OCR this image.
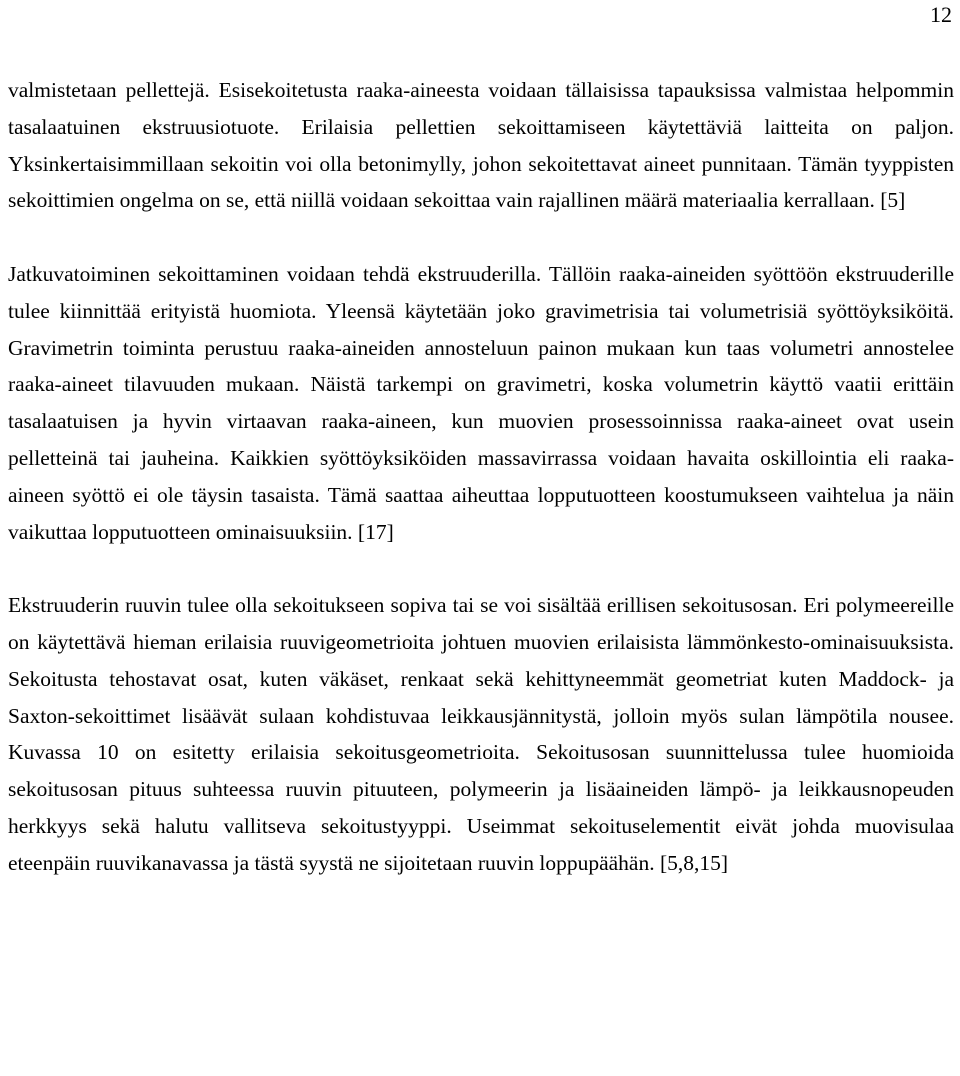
12

valmistetaan pellettejä. Esisekoitetusta raaka-aineesta voidaan tällaisissa tapauksissa valmistaa helpommin tasalaatuinen ekstruusiotuote. Erilaisia pellettien sekoittamiseen käytettäviä laitteita on paljon. Yksinkertaisimmillaan sekoitin voi olla betonimylly, johon sekoitettavat aineet punnitaan. Tämän tyyppisten sekoittimien ongelma on se, että niillä voidaan sekoittaa vain rajallinen määrä materiaalia kerrallaan. [5]

Jatkuvatoiminen sekoittaminen voidaan tehdä ekstruuderilla. Tällöin raaka-aineiden syöttöön ekstruuderille tulee kiinnittää erityistä huomiota. Yleensä käytetään joko gravimetrisia tai volumetrisiä syöttöyksiköitä. Gravimetrin toiminta perustuu raaka-aineiden annosteluun painon mukaan kun taas volumetri annostelee raaka-aineet tilavuuden mukaan. Näistä tarkempi on gravimetri, koska volumetrin käyttö vaatii erittäin tasalaatuisen ja hyvin virtaavan raaka-aineen, kun muovien prosessoinnissa raaka-aineet ovat usein pelletteinä tai jauheina. Kaikkien syöttöyksiköiden massavirrassa voidaan havaita oskillointia eli raaka-aineen syöttö ei ole täysin tasaista. Tämä saattaa aiheuttaa lopputuotteen koostumukseen vaihtelua ja näin vaikuttaa lopputuotteen ominaisuuksiin. [17]

Ekstruuderin ruuvin tulee olla sekoitukseen sopiva tai se voi sisältää erillisen sekoitusosan. Eri polymeereille on käytettävä hieman erilaisia ruuvigeometrioita johtuen muovien erilaisista lämmönkesto-ominaisuuksista. Sekoitusta tehostavat osat, kuten väkäset, renkaat sekä kehittyneemmät geometriat kuten Maddock- ja Saxton-sekoittimet lisäävät sulaan kohdistuvaa leikkausjännitystä, jolloin myös sulan lämpötila nousee. Kuvassa 10 on esitetty erilaisia sekoitusgeometrioita. Sekoitusosan suunnittelussa tulee huomioida sekoitusosan pituus suhteessa ruuvin pituuteen, polymeerin ja lisäaineiden lämpö- ja leikkausnopeuden herkkyys sekä halutu vallitseva sekoitustyyppi. Useimmat sekoituselementit eivät johda muovisulaa eteenpäin ruuvikanavassa ja tästä syystä ne sijoitetaan ruuvin loppupäähän. [5,8,15]
